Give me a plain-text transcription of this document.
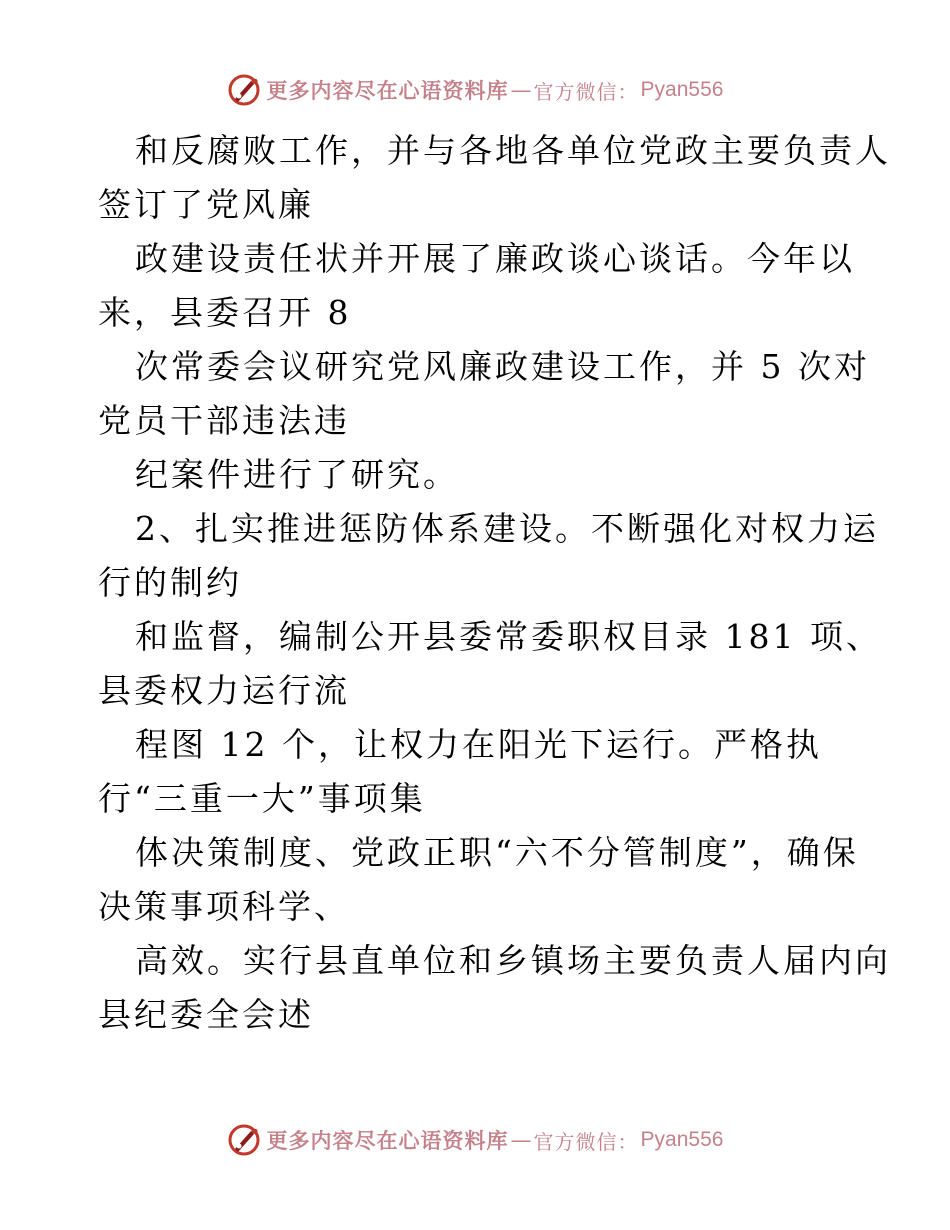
更多内容尽在心语资料库 — 官方微信： Pyan556
和反腐败工作，并与各地各单位党政主要负责人
签订了党风廉
政建设责任状并开展了廉政谈心谈话。今年以
来，县委召开 8
次常委会议研究党风廉政建设工作，并 5 次对
党员干部违法违
纪案件进行了研究。
2、扎实推进惩防体系建设。不断强化对权力运
行的制约
和监督，编制公开县委常委职权目录 181 项、
县委权力运行流
程图 12 个，让权力在阳光下运行。严格执
行“三重一大”事项集
体决策制度、党政正职“六不分管制度”，确保
决策事项科学、
高效。实行县直单位和乡镇场主要负责人届内向
县纪委全会述
更多内容尽在心语资料库 — 官方微信： Pyan556
